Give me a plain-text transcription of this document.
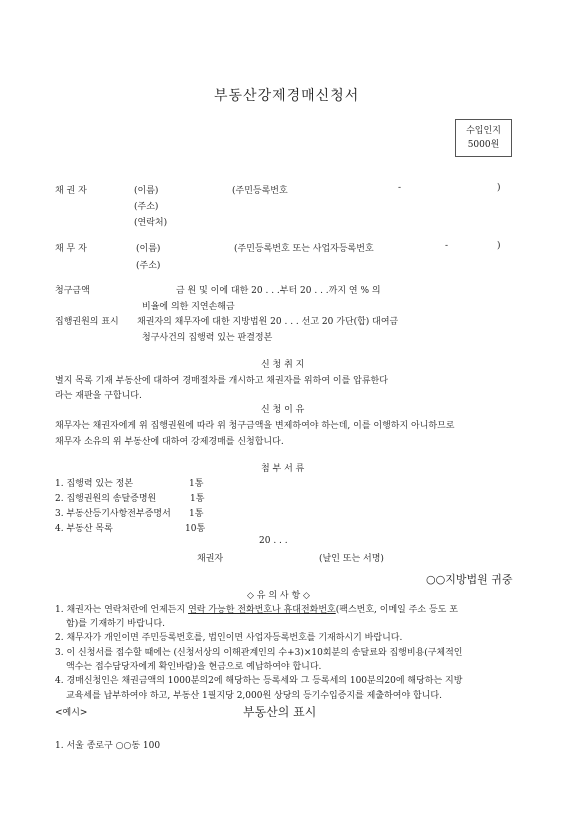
부동산강제경매신청서
수입인지
5000원
채 권 자	(이름)	(주민등록번호	-	)
(주소)
(연락처)
채 무 자	(이름)	(주민등록번호 또는 사업자등록번호	-	)
(주소)
청구금액	금 원 및 이에 대한 20 . . .부터 20 . . .까지 연 % 의
비율에 의한 지연손해금
집행권원의 표시 채권자의 채무자에 대한 지방법원 20 . . . 선고 20 가단(합) 대여금
청구사건의 집행력 있는 판결정본
신 청 취 지
별지 목록 기재 부동산에 대하여 경매절차를 개시하고 채권자를 위하여 이를 압류한다
라는 재판을 구합니다.
신 청 이 유
채무자는 채권자에게 위 집행권원에 따라 위 청구금액을 변제하여야 하는데, 이를 이행하지 아니하므로
채무자 소유의 위 부동산에 대하여 강제경매를 신청합니다.
첨 부 서 류
1. 집행력 있는 정본	1통
2. 집행권원의 송달증명원	1통
3. 부동산등기사항전부증명서 1통
4. 부동산 목록	10통
20 . . .
채권자	(날인 또는 서명)
○○지방법원 귀중
◇ 유 의 사 항 ◇
1. 채권자는 연락처란에 언제든지 연락 가능한 전화번호나 휴대전화번호(팩스번호, 이메일 주소 등도 포
함)를 기재하기 바랍니다.
2. 채무자가 개인이면 주민등록번호를, 법인이면 사업자등록번호를 기재하시기 바랍니다.
3. 이 신청서를 접수할 때에는 (신청서상의 이해관계인의 수+3)×10회분의 송달료와 집행비용(구체적인
액수는 접수담당자에게 확인바람)을 현금으로 예납하여야 합니다.
4. 경매신청인은 채권금액의 1000분의2에 해당하는 등록세와 그 등록세의 100분의20에 해당하는 지방
교육세를 납부하여야 하고, 부동산 1필지당 2,000원 상당의 등기수입증지를 제출하여야 합니다.
<예시>	부동산의 표시
1. 서울 종로구 ○○동 100
